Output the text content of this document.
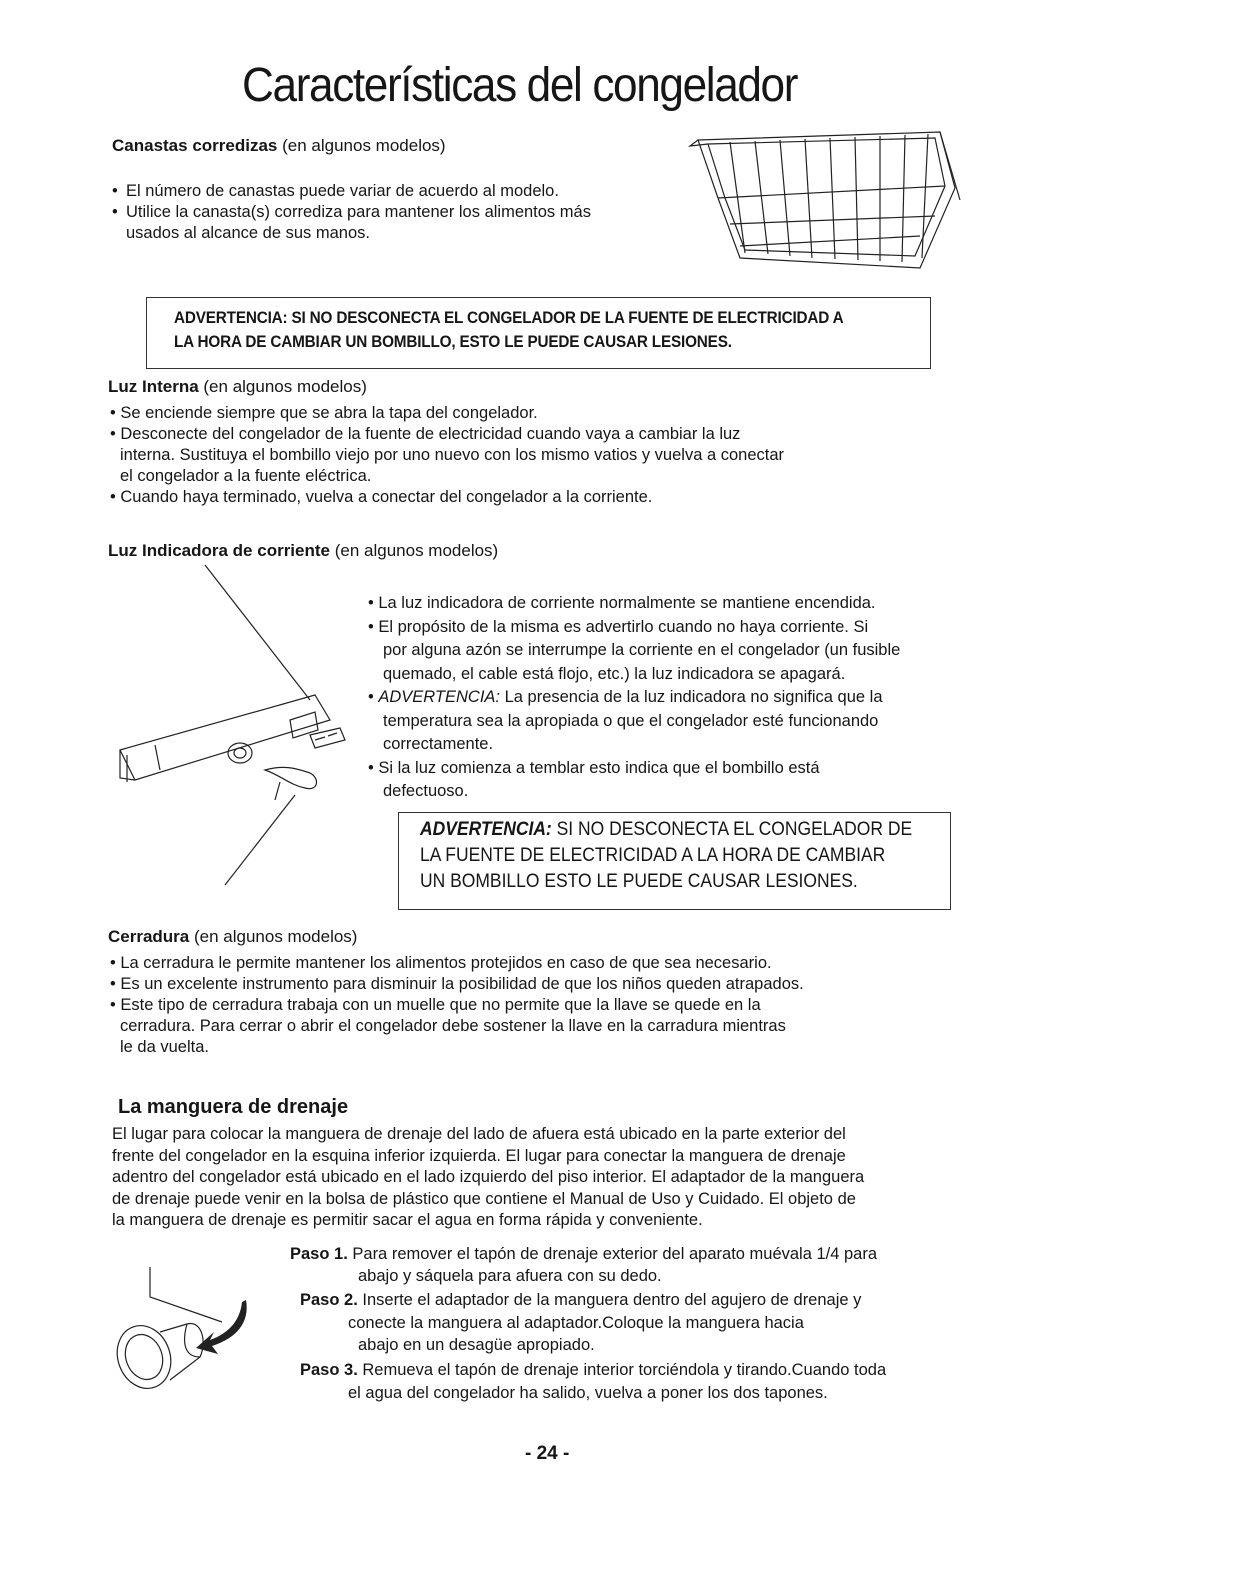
Características del congelador
Canastas corredizas (en algunos modelos)
• El número de canastas puede variar de acuerdo al modelo.
• Utilice la canasta(s) corrediza para mantener los alimentos más
usados al alcance de sus manos.
ADVERTENCIA: SI NO DESCONECTA EL CONGELADOR DE LA FUENTE DE ELECTRICIDAD A
LA HORA DE CAMBIAR UN BOMBILLO, ESTO LE PUEDE CAUSAR LESIONES.
Luz Interna (en algunos modelos)
• Se enciende siempre que se abra la tapa del congelador.
• Desconecte del congelador de la fuente de electricidad cuando vaya a cambiar la luz
interna. Sustituya el bombillo viejo por uno nuevo con los mismo vatios y vuelva a conectar
el congelador a la fuente eléctrica.
• Cuando haya terminado, vuelva a conectar del congelador a la corriente.
Luz Indicadora de corriente (en algunos modelos)
• La luz indicadora de corriente normalmente se mantiene encendida.
• El propósito de la misma es advertirlo cuando no haya corriente. Si
por alguna azón se interrumpe la corriente en el congelador (un fusible
quemado, el cable está flojo, etc.) la luz indicadora se apagará.
• ADVERTENCIA: La presencia de la luz indicadora no significa que la
temperatura sea la apropiada o que el congelador esté funcionando
correctamente.
• Si la luz comienza a temblar esto indica que el bombillo está
defectuoso.
ADVERTENCIA: SI NO DESCONECTA EL CONGELADOR DE
LA FUENTE DE ELECTRICIDAD A LA HORA DE CAMBIAR
UN BOMBILLO ESTO LE PUEDE CAUSAR LESIONES.
Cerradura (en algunos modelos)
• La cerradura le permite mantener los alimentos protejidos en caso de que sea necesario.
• Es un excelente instrumento para disminuir la posibilidad de que los niños queden atrapados.
• Este tipo de cerradura trabaja con un muelle que no permite que la llave se quede en la
cerradura. Para cerrar o abrir el congelador debe sostener la llave en la carradura mientras
le da vuelta.
La manguera de drenaje
El lugar para colocar la manguera de drenaje del lado de afuera está ubicado en la parte exterior del
frente del congelador en la esquina inferior izquierda. El lugar para conectar la manguera de drenaje
adentro del congelador está ubicado en el lado izquierdo del piso interior. El adaptador de la manguera
de drenaje puede venir en la bolsa de plástico que contiene el Manual de Uso y Cuidado. El objeto de
la manguera de drenaje es permitir sacar el agua en forma rápida y conveniente.
Paso 1. Para remover el tapón de drenaje exterior del aparato muévala 1/4 para
abajo y sáquela para afuera con su dedo.
Paso 2. Inserte el adaptador de la manguera dentro del agujero de drenaje y
conecte la manguera al adaptador.Coloque la manguera hacia
abajo en un desagüe apropiado.
Paso 3. Remueva el tapón de drenaje interior torciéndola y tirando.Cuando toda
el agua del congelador ha salido, vuelva a poner los dos tapones.
- 24 -
